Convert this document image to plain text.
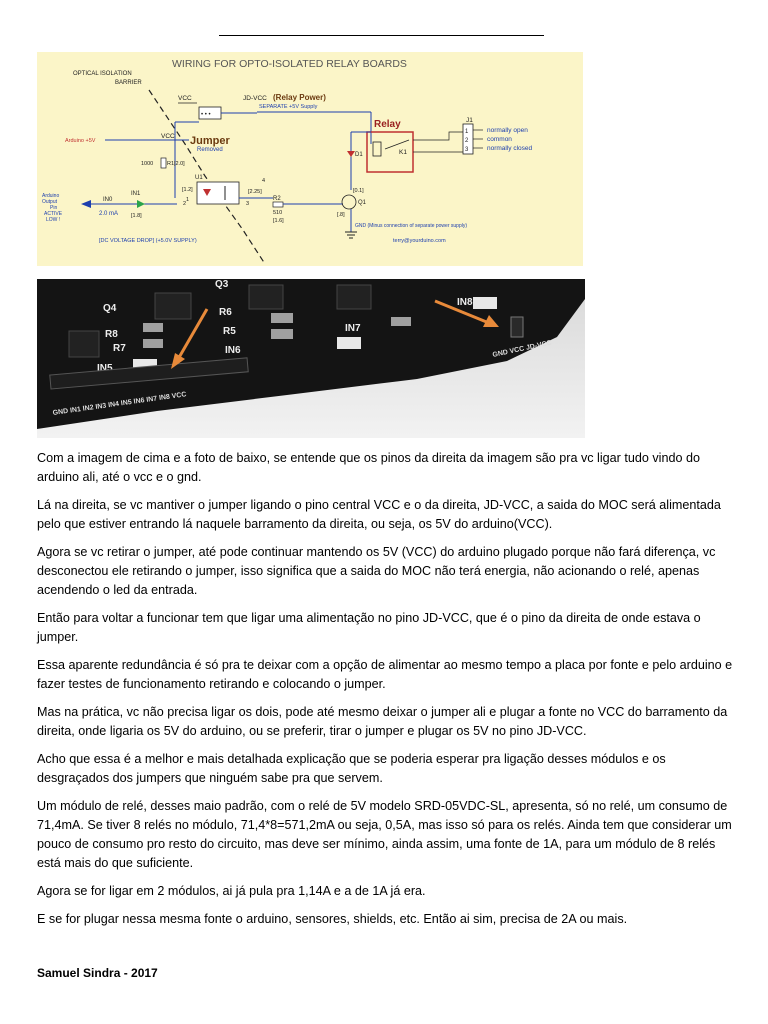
WIRING FOR OPTO-ISOLATED RELAY BOARDS
OPTICAL ISOLATION
BARRIER
VCC	JD-VCC (Relay Power)
SEPARATE +5V Supply
• • •
Jumper
Removed
Relay
K1
J1
1
2
3
normally open
common
normally closed
Arduino +5V
VCC
1000	R1 [2.0]
D1
U1
[1.2]
1
2	3
4
[2.25]
R2
510
[1.6]
Q1
[0.1]
[.8]
GND (Minus connection of separate power supply)
terry@yourduino.com
Arduino
Output
Pin
ACTIVE
LOW !
IN0
IN1
[1.8]
2.0 mA
[DC VOLTAGE DROP] (+5.0V SUPPLY)
Q3
Q4	R6
R5
R8
R7	IN6
IN5
IN7
IN8
GND IN1 IN2 IN3 IN4 IN5 IN6 IN7 IN8 VCC
GND VCC JD-VCC

Com a imagem de cima e a foto de baixo, se entende que os pinos da direita da imagem são pra vc ligar tudo vindo do arduino ali, até o vcc e o gnd.

Lá na direita, se vc mantiver o jumper ligando o pino central VCC e o da direita, JD-VCC, a saida do MOC será alimentada pelo que estiver entrando lá naquele barramento da direita, ou seja, os 5V do arduino(VCC).

Agora se vc retirar o jumper, até pode continuar mantendo os 5V (VCC) do arduino plugado porque não fará diferença, vc desconectou ele retirando o jumper, isso significa que a saida do MOC não terá energia, não acionando o relé, apenas acendendo o led da entrada.

Então para voltar a funcionar tem que ligar uma alimentação no pino JD-VCC, que é o pino da direita de onde estava o jumper.

Essa aparente redundância é só pra te deixar com a opção de alimentar ao mesmo tempo a placa por fonte e pelo arduino e fazer testes de funcionamento retirando e colocando o jumper.

Mas na prática, vc não precisa ligar os dois, pode até mesmo deixar o jumper ali e plugar a fonte no VCC do barramento da direita, onde ligaria os 5V do arduino, ou se preferir, tirar o jumper e plugar os 5V no pino JD-VCC.

Acho que essa é a melhor e mais detalhada explicação que se poderia esperar pra ligação desses módulos e os desgraçados dos jumpers que ninguém sabe pra que servem.

Um módulo de relé, desses maio padrão, com o relé de 5V modelo SRD-05VDC-SL, apresenta, só no relé, um consumo de 71,4mA. Se tiver 8 relés no módulo, 71,4*8=571,2mA ou seja, 0,5A, mas isso só para os relés. Ainda tem que considerar um pouco de consumo pro resto do circuito, mas deve ser mínimo, ainda assim, uma fonte de 1A, para um módulo de 8 relés está mais do que suficiente.

Agora se for ligar em 2 módulos, ai já pula pra 1,14A e a de 1A já era.

E se for plugar nessa mesma fonte o arduino, sensores, shields, etc. Então ai sim, precisa de 2A ou mais.

Samuel Sindra - 2017
